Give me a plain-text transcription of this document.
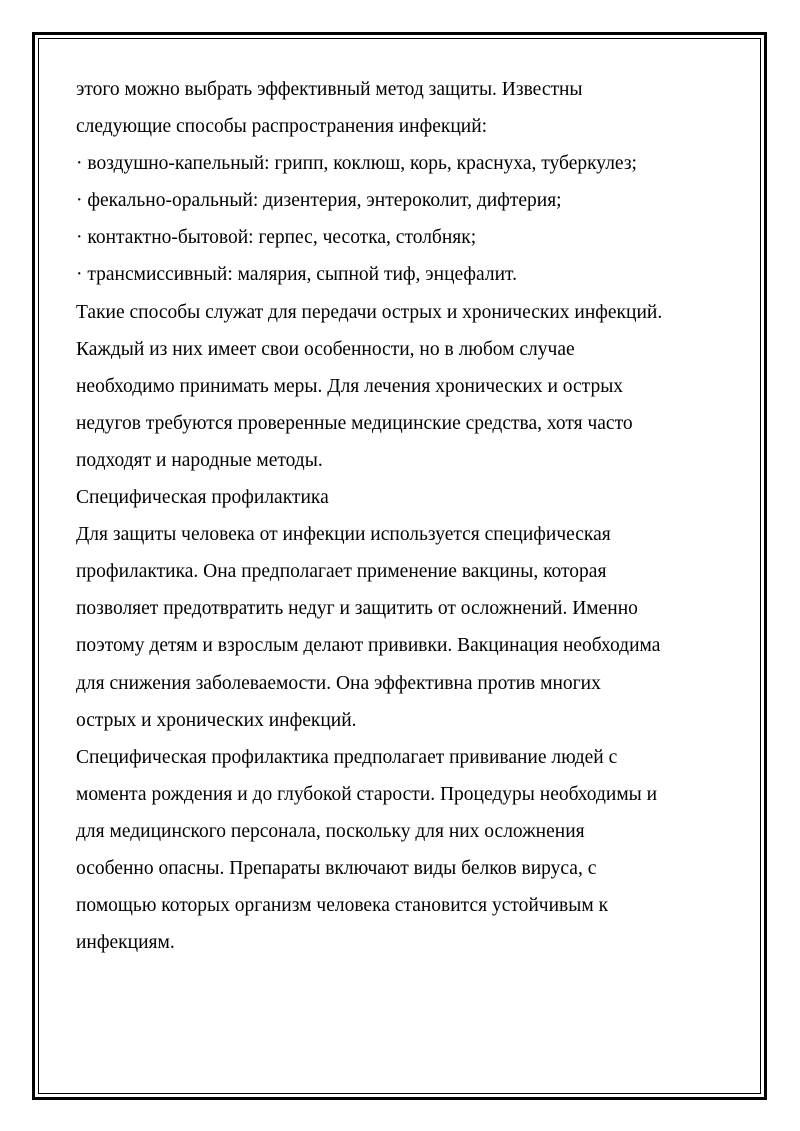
этого можно выбрать эффективный метод защиты. Известны
следующие способы распространения инфекций:
· воздушно-капельный: грипп, коклюш, корь, краснуха, туберкулез;
· фекально-оральный: дизентерия, энтероколит, дифтерия;
· контактно-бытовой: герпес, чесотка, столбняк;
· трансмиссивный: малярия, сыпной тиф, энцефалит.
Такие способы служат для передачи острых и хронических инфекций.
Каждый из них имеет свои особенности, но в любом случае
необходимо принимать меры. Для лечения хронических и острых
недугов требуются проверенные медицинские средства, хотя часто
подходят и народные методы.
Специфическая профилактика
Для защиты человека от инфекции используется специфическая
профилактика. Она предполагает применение вакцины, которая
позволяет предотвратить недуг и защитить от осложнений. Именно
поэтому детям и взрослым делают прививки. Вакцинация необходима
для снижения заболеваемости. Она эффективна против многих
острых и хронических инфекций.
Специфическая профилактика предполагает прививание людей с
момента рождения и до глубокой старости. Процедуры необходимы и
для медицинского персонала, поскольку для них осложнения
особенно опасны. Препараты включают виды белков вируса, с
помощью которых организм человека становится устойчивым к
инфекциям.
